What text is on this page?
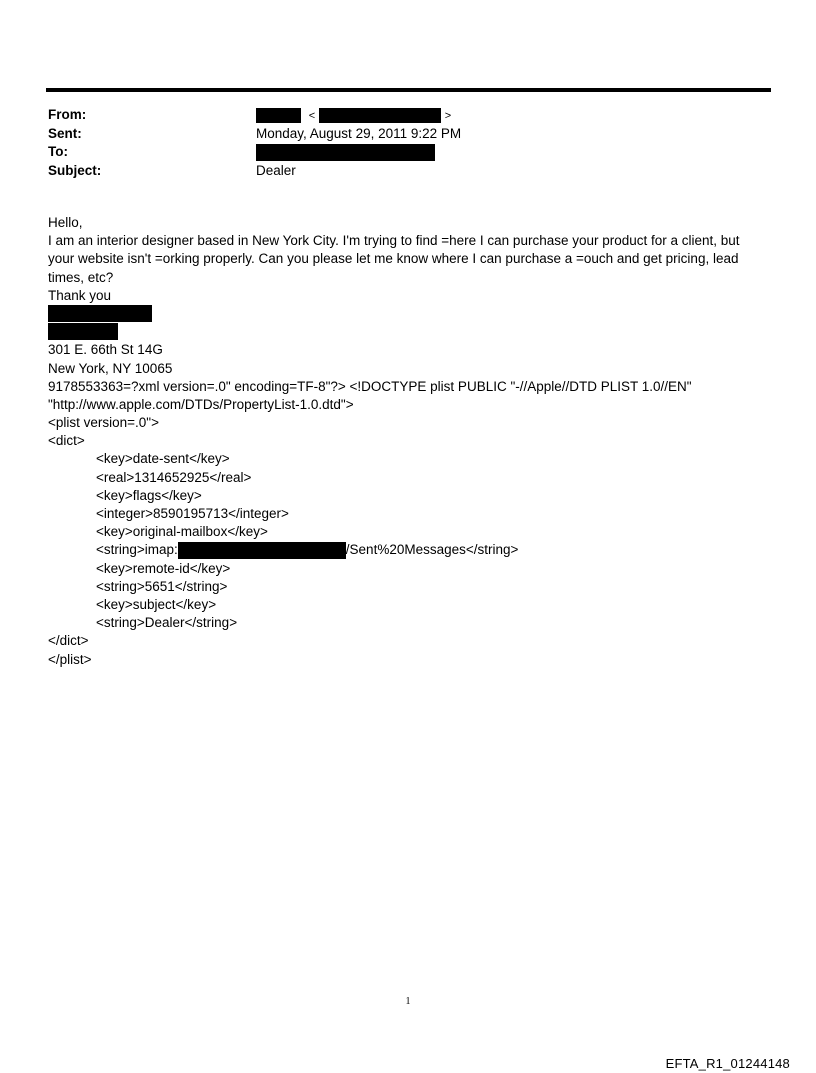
From:	<	>
Sent:	Monday, August 29, 2011 9:22 PM
To:
Subject:	Dealer
Hello,
I am an interior designer based in New York City. I'm trying to find =here I can purchase your product for a client, but your website isn't =orking properly. Can you please let me know where I can purchase a =ouch and get pricing, lead times, etc?
Thank you
301 E. 66th St 14G
New York, NY 10065
9178553363=?xml version=.0" encoding=TF-8"?> <!DOCTYPE plist PUBLIC "-//Apple//DTD PLIST 1.0//EN"
"http://www.apple.com/DTDs/PropertyList-1.0.dtd">
<plist version=.0">
<dict>
<key>date-sent</key>
<real>1314652925</real>
<key>flags</key>
<integer>8590195713</integer>
<key>original-mailbox</key>
<string>imap:	/Sent%20Messages</string>
<key>remote-id</key>
<string>5651</string>
<key>subject</key>
<string>Dealer</string>
</dict>
</plist>
1
EFTA_R1_01244148
